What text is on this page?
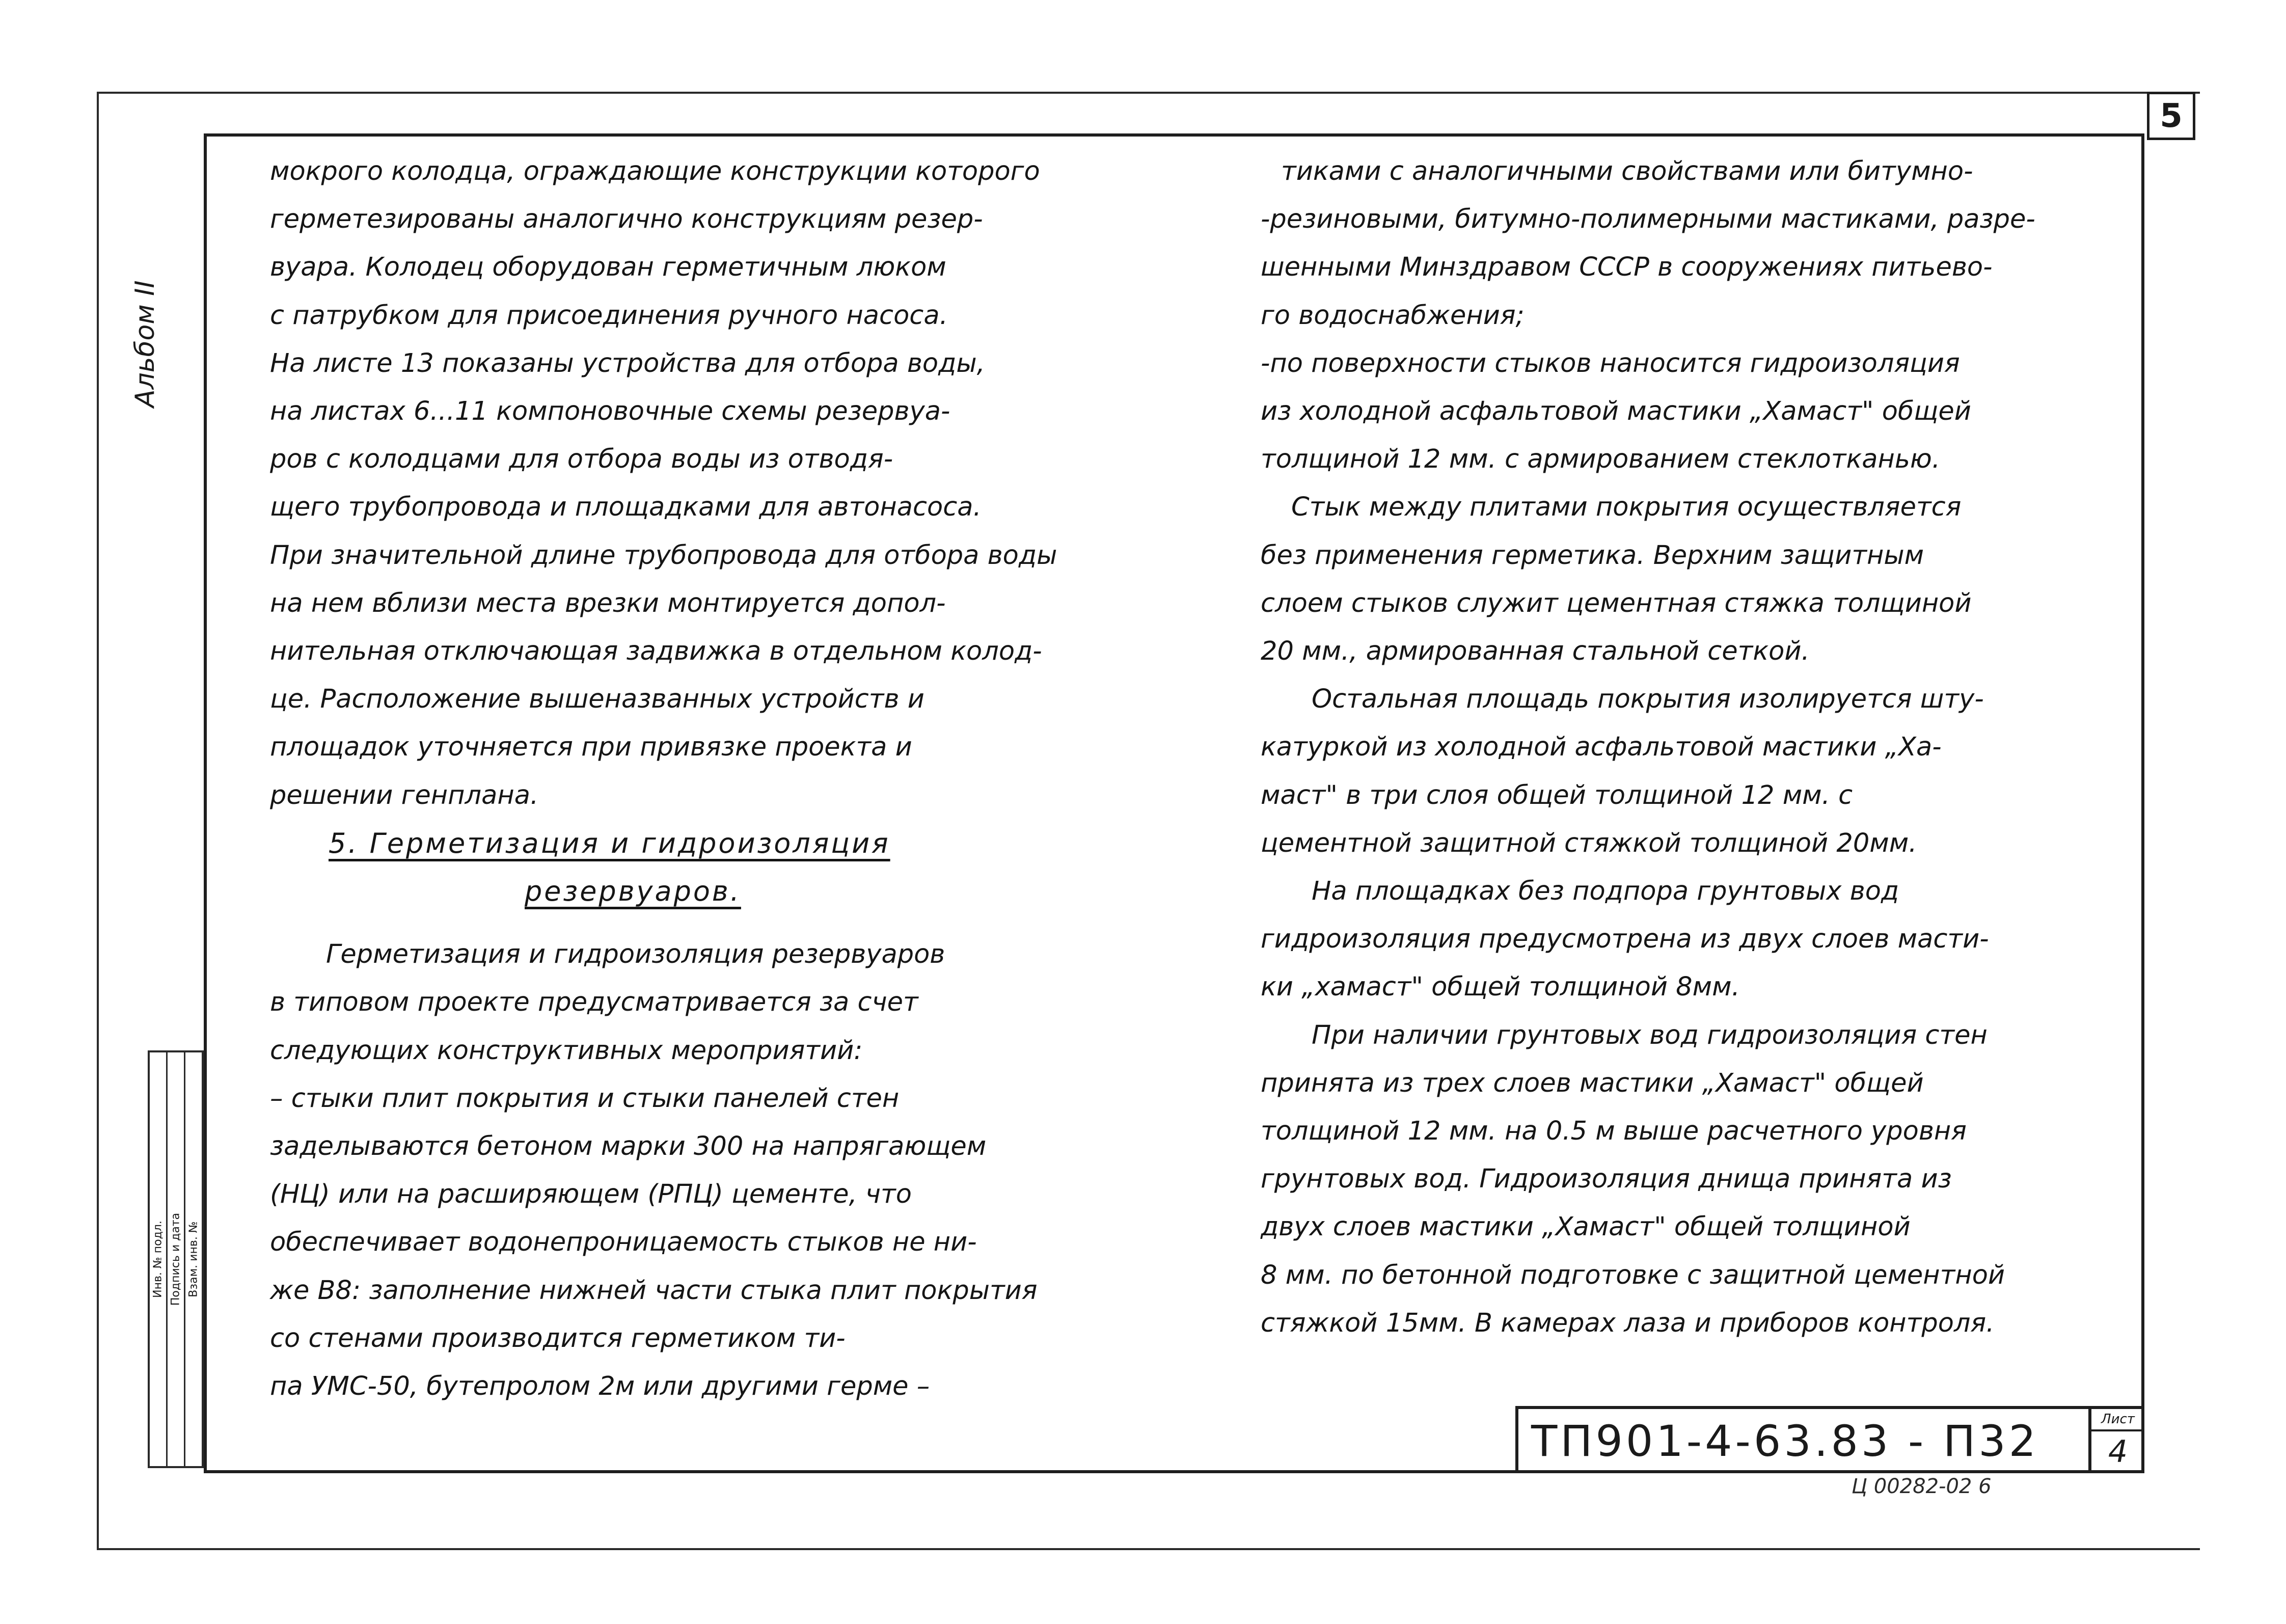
5
Альбом II
Инв. № подл. Подпись и дата Взам. инв. №

мокрого колодца, ограждающие конструкции которого

герметезированы аналогично конструкциям резер-

вуара. Колодец оборудован герметичным люком

с патрубком для присоединения ручного насоса.

На листе 13 показаны устройства для отбора воды,

на листах 6...11 компоновочные схемы резервуа-

ров с колодцами для отбора воды из отводя-

щего трубопровода и площадками для автонасоса.

При значительной длине трубопровода для отбора воды

на нем вблизи места врезки монтируется допол-

нительная отключающая задвижка в отдельном колод-

це. Расположение вышеназванных устройств и

площадок уточняется при привязке проекта и

решении генплана.

5. Герметизация и гидроизоляция

резервуаров.

Герметизация и гидроизоляция резервуаров

в типовом проекте предусматривается за счет

следующих конструктивных мероприятий:

– стыки плит покрытия и стыки панелей стен

заделываются бетоном марки 300 на напрягающем

(НЦ) или на расширяющем (РПЦ) цементе, что

обеспечивает водонепроницаемость стыков не ни-

же В8: заполнение нижней части стыка плит покрытия

со стенами производится герметиком ти-

па УМС-50, бутепролом 2м или другими герме –

тиками с аналогичными свойствами или битумно-

-резиновыми, битумно-полимерными мастиками, разре-

шенными Минздравом СССР в сооружениях питьево-

го водоснабжения;

-по поверхности стыков наносится гидроизоляция

из холодной асфальтовой мастики „Хамаст" общей

толщиной 12 мм. с армированием стеклотканью.

Стык между плитами покрытия осуществляется

без применения герметика. Верхним защитным

слоем стыков служит цементная стяжка толщиной

20 мм., армированная стальной сеткой.

Остальная площадь покрытия изолируется шту-

катуркой из холодной асфальтовой мастики „Ха-

маст" в три слоя общей толщиной 12 мм. с

цементной защитной стяжкой толщиной 20мм.

На площадках без подпора грунтовых вод

гидроизоляция предусмотрена из двух слоев масти-

ки „хамаст" общей толщиной 8мм.

При наличии грунтовых вод гидроизоляция стен

принята из трех слоев мастики „Хамаст" общей

толщиной 12 мм. на 0.5 м выше расчетного уровня

грунтовых вод. Гидроизоляция днища принята из

двух слоев мастики „Хамаст" общей толщиной

8 мм. по бетонной подготовке с защитной цементной

стяжкой 15мм. В камерах лаза и приборов контроля.

ТП901-4-63.83 - П32	Лист
4
Ц 00282-02 6
